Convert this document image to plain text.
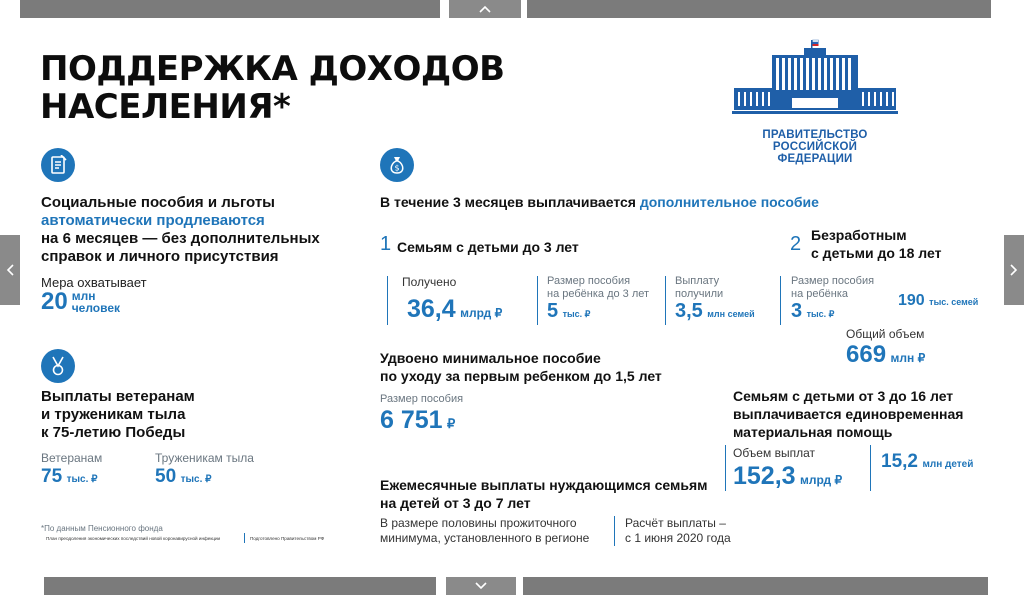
ПОДДЕРЖКА ДОХОДОВ
НАСЕЛЕНИЯ*
ПРАВИТЕЛЬСТВО
РОССИЙСКОЙ
ФЕДЕРАЦИИ
Социальные пособия и льготы
автоматически продлеваются
на 6 месяцев — без дополнительных
справок и личного присутствия
Мера охватывает
20 млн
человек
Выплаты ветеранам
и труженикам тыла
к 75-летию Победы
Ветеранам
75 тыс. ₽
Труженикам тыла
50 тыс. ₽
*По данным Пенсионного фонда
План преодоления экономических последствий новой коронавирусной инфекции	Подготовлено Правительством РФ
$
В течение 3 месяцев выплачивается дополнительное пособие
1 Семьям с детьми до 3 лет
Получено
36,4 млрд ₽
Размер пособия
на ребёнка до 3 лет
5 тыс. ₽
Выплату
получили
3,5 млн семей
2 Безработным
с детьми до 18 лет
Размер пособия
на ребёнка
3 тыс. ₽
190 тыс. семей
Общий объем
669 млн ₽
Удвоено минимальное пособие
по уходу за первым ребенком до 1,5 лет
Размер пособия
6 751 ₽
Семьям с детьми от 3 до 16 лет
выплачивается единовременная
материальная помощь
Объем выплат
152,3 млрд ₽
15,2 млн детей
Ежемесячные выплаты нуждающимся семьям
на детей от 3 до 7 лет
В размере половины прожиточного
минимума, установленного в регионе
Расчёт выплаты –
с 1 июня 2020 года
